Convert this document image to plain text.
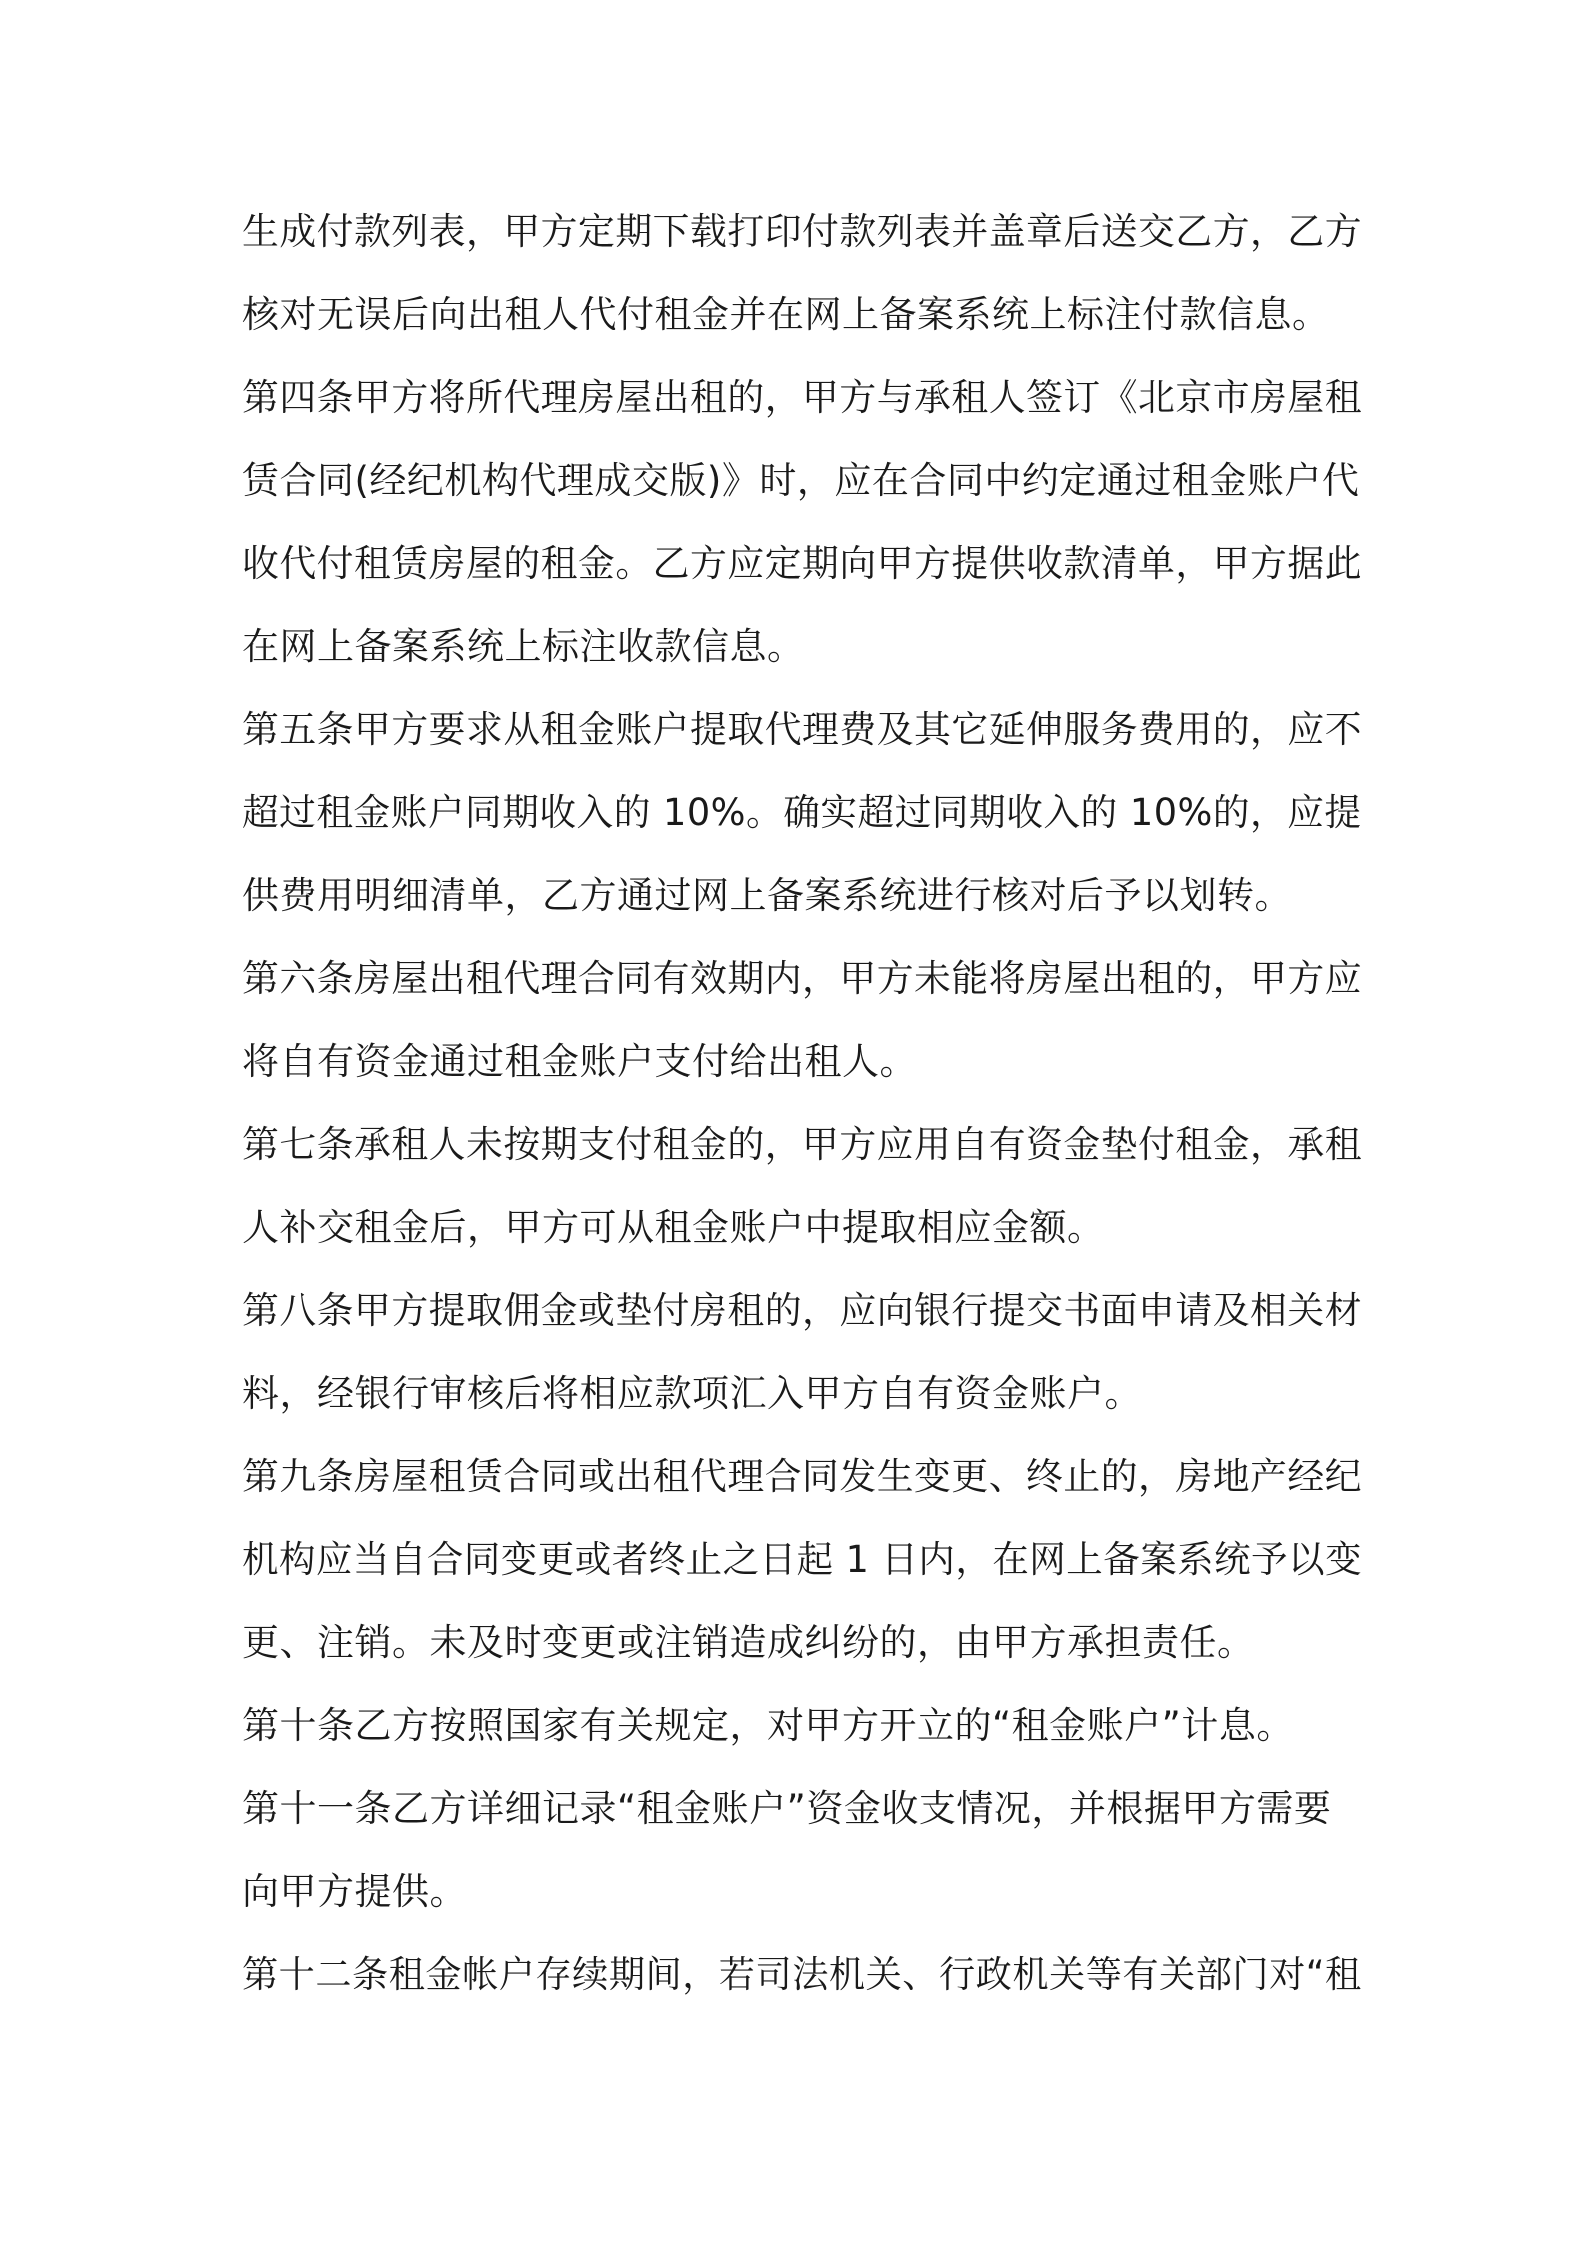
生成付款列表，甲方定期下载打印付款列表并盖章后送交乙方，乙方
核对无误后向出租人代付租金并在网上备案系统上标注付款信息。
第四条甲方将所代理房屋出租的，甲方与承租人签订《北京市房屋租
赁合同(经纪机构代理成交版)》时，应在合同中约定通过租金账户代
收代付租赁房屋的租金。乙方应定期向甲方提供收款清单，甲方据此
在网上备案系统上标注收款信息。
第五条甲方要求从租金账户提取代理费及其它延伸服务费用的，应不
超过租金账户同期收入的 10%。确实超过同期收入的 10%的，应提
供费用明细清单，乙方通过网上备案系统进行核对后予以划转。
第六条房屋出租代理合同有效期内，甲方未能将房屋出租的，甲方应
将自有资金通过租金账户支付给出租人。
第七条承租人未按期支付租金的，甲方应用自有资金垫付租金，承租
人补交租金后，甲方可从租金账户中提取相应金额。
第八条甲方提取佣金或垫付房租的，应向银行提交书面申请及相关材
料，经银行审核后将相应款项汇入甲方自有资金账户。
第九条房屋租赁合同或出租代理合同发生变更、终止的，房地产经纪
机构应当自合同变更或者终止之日起 1 日内，在网上备案系统予以变
更、注销。未及时变更或注销造成纠纷的，由甲方承担责任。
第十条乙方按照国家有关规定，对甲方开立的“租金账户”计息。
第十一条乙方详细记录“租金账户”资金收支情况，并根据甲方需要
向甲方提供。
第十二条租金帐户存续期间，若司法机关、行政机关等有关部门对“租
